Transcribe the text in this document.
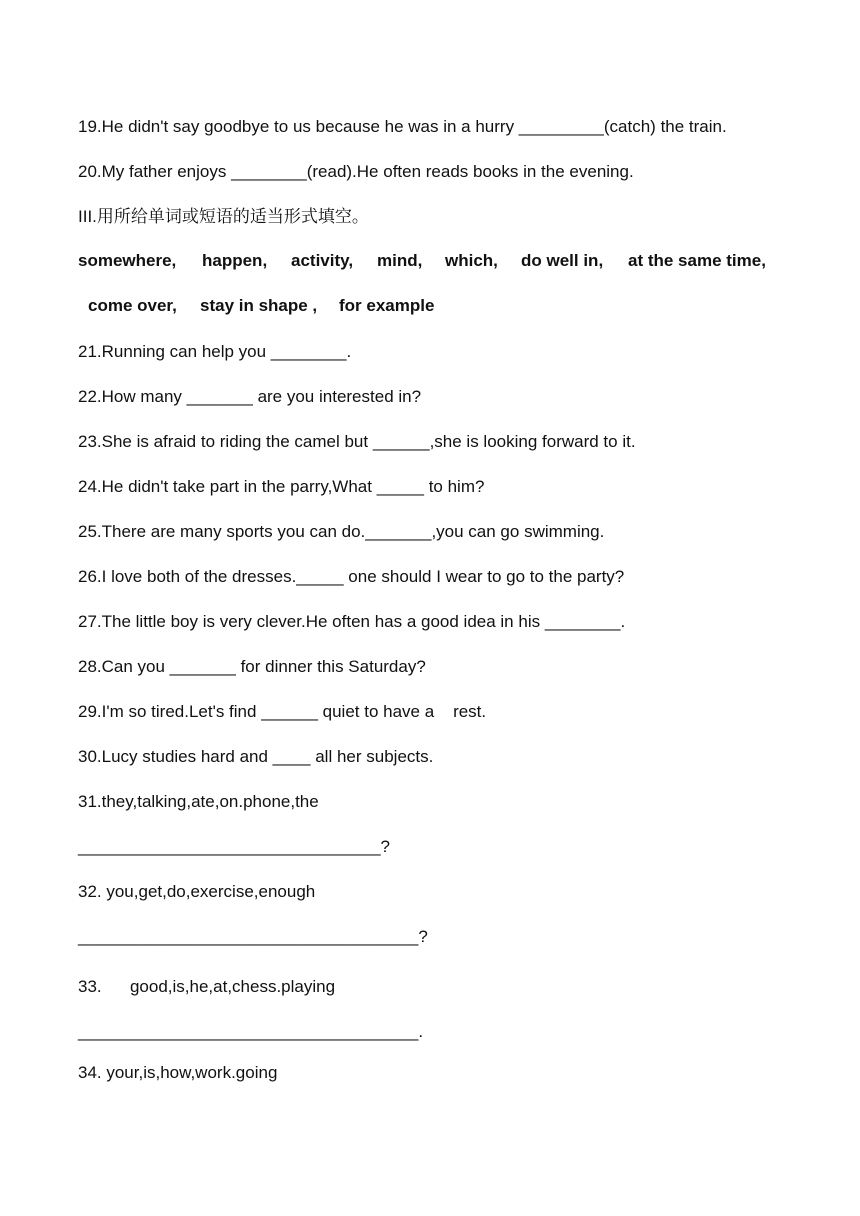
19.He didn't say goodbye to us because he was in a hurry _________(catch) the train.
20.My father enjoys ________(read).He often reads books in the evening.
III.用所给单词或短语的适当形式填空。
somewhere, happen, activity, mind, which, do well in, at the same time,
come over, stay in shape , for example
21.Running can help you ________.
22.How many _______ are you interested in?
23.She is afraid to riding the camel but ______,she is looking forward to it.
24.He didn't take part in the parry,What _____ to him?
25.There are many sports you can do._______,you can go swimming.
26.I love both of the dresses._____ one should I wear to go to the party?
27.The little boy is very clever.He often has a good idea in his ________.
28.Can you _______ for dinner this Saturday?
29.I'm so tired.Let's find ______ quiet to have a    rest.
30.Lucy studies hard and ____ all her subjects.
31.they,talking,ate,on.phone,the
________________________________?
32. you,get,do,exercise,enough
____________________________________?
33.      good,is,he,at,chess.playing
____________________________________.
34. your,is,how,work.going
